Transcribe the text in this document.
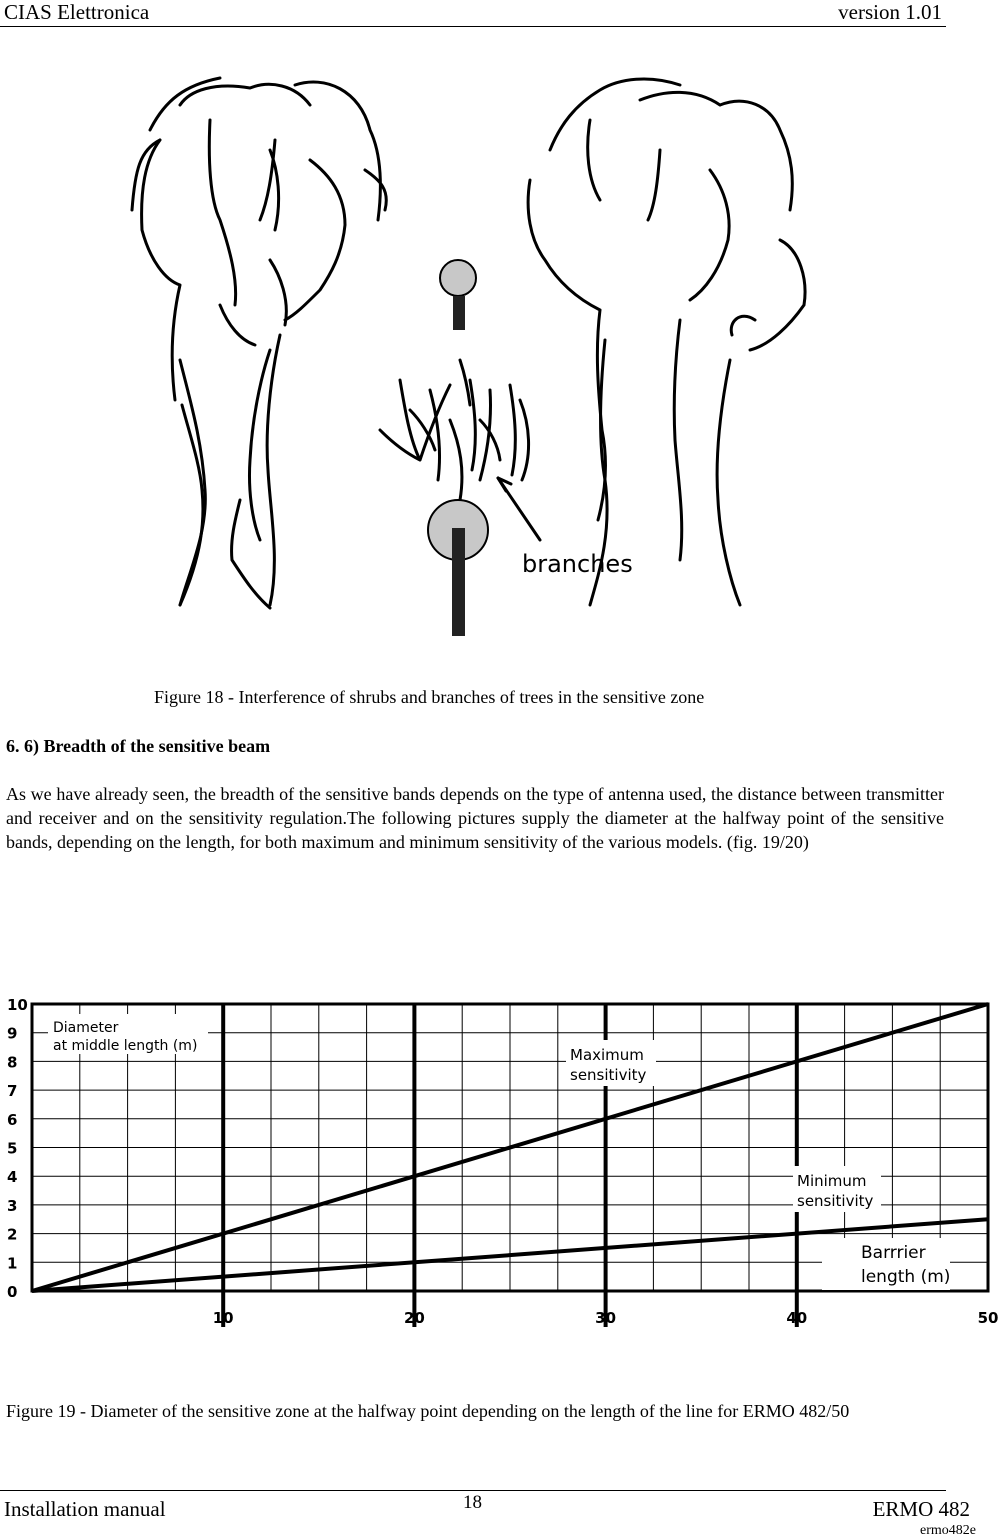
CIAS Elettronica	version 1.01
branches
Figure 18 - Interference of shrubs and branches of trees in the sensitive zone
6. 6) Breadth of the sensitive beam
As we have already seen, the breadth of the sensitive bands depends on the type of antenna used, the distance between transmitter and receiver and on the sensitivity regulation.The following pictures supply the diameter at the halfway point of the sensitive bands, depending on the length, for both maximum and minimum sensitivity of the various models. (fig. 19/20)
0
1
2
3
4
5
6
7
8
9
10
10	20	30	40	50
Diameter
at middle length (m)	Maximum
sensitivity
Minimum
sensitivity
Barrrier
length (m)
Figure 19 - Diameter of the sensitive zone at the halfway point depending on the length of the line for ERMO 482/50
Installation manual	18	ERMO 482
ermo482e
